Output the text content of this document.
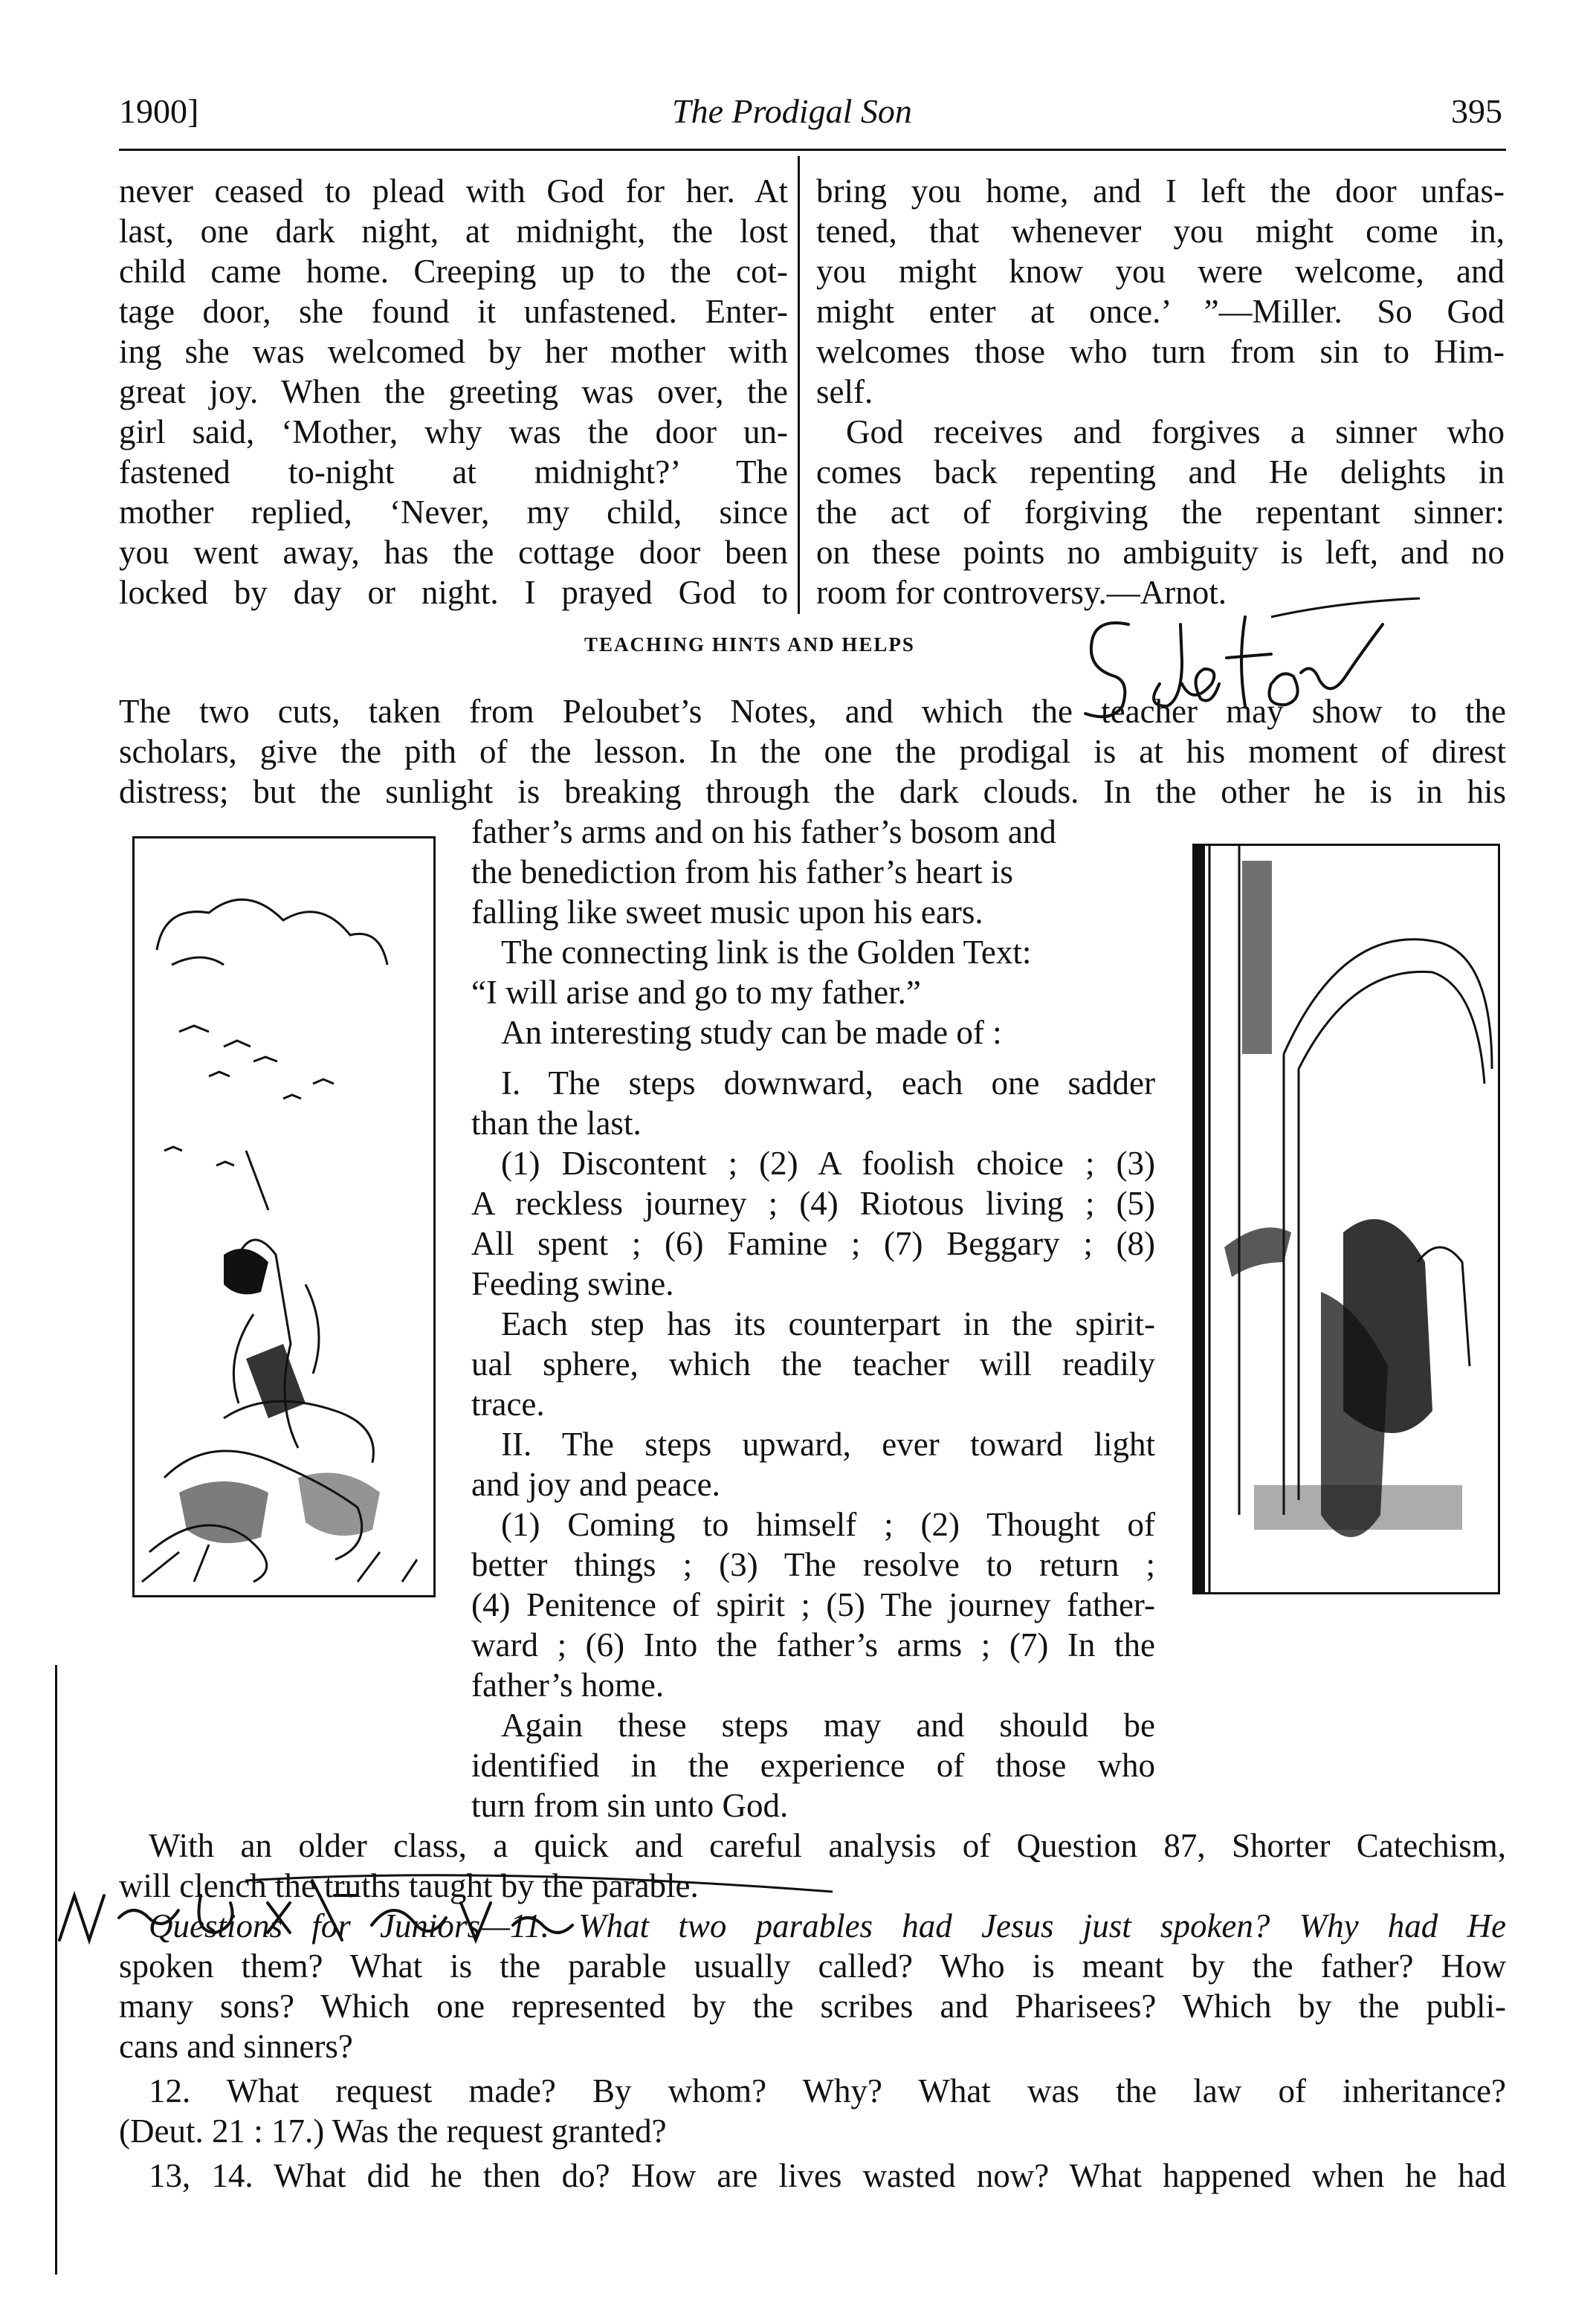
1900]	The Prodigal Son	395
never ceased to plead with God for her. At
last, one dark night, at midnight, the lost
child came home. Creeping up to the cot-
tage door, she found it unfastened. Enter-
ing she was welcomed by her mother with
great joy. When the greeting was over, the
girl said, ‘Mother, why was the door un-
fastened to-night at midnight?’ The
mother replied, ‘Never, my child, since
you went away, has the cottage door been
locked by day or night. I prayed God to
bring you home, and I left the door unfas-
tened, that whenever you might come in,
you might know you were welcome, and
might enter at once.’ ”—Miller. So God
welcomes those who turn from sin to Him-
self.
God receives and forgives a sinner who
comes back repenting and He delights in
the act of forgiving the repentant sinner:
on these points no ambiguity is left, and no
room for controversy.—Arnot.
TEACHING HINTS AND HELPS
The two cuts, taken from Peloubet’s Notes, and which the teacher may show to the
scholars, give the pith of the lesson. In the one the prodigal is at his moment of direst
distress; but the sunlight is breaking through the dark clouds. In the other he is in his
father’s arms and on his father’s bosom and
the benediction from his father’s heart is
falling like sweet music upon his ears.
The connecting link is the Golden Text:
“I will arise and go to my father.”
An interesting study can be made of :
I. The steps downward, each one sadder
than the last.
(1) Discontent ; (2) A foolish choice ; (3)
A reckless journey ; (4) Riotous living ; (5)
All spent ; (6) Famine ; (7) Beggary ; (8)
Feeding swine.
Each step has its counterpart in the spirit-
ual sphere, which the teacher will readily
trace.
II. The steps upward, ever toward light
and joy and peace.
(1) Coming to himself ; (2) Thought of
better things ; (3) The resolve to return ;
(4) Penitence of spirit ; (5) The journey father-
ward ; (6) Into the father’s arms ; (7) In the
father’s home.
Again these steps may and should be
identified in the experience of those who
turn from sin unto God.
With an older class, a quick and careful analysis of Question 87, Shorter Catechism,
will clench the truths taught by the parable.
Questions for Juniors—11. What two parables had Jesus just spoken? Why had He
spoken them? What is the parable usually called? Who is meant by the father? How
many sons? Which one represented by the scribes and Pharisees? Which by the publi-
cans and sinners?
12. What request made? By whom? Why? What was the law of inheritance?
(Deut. 21 : 17.) Was the request granted?
13, 14. What did he then do? How are lives wasted now? What happened when he had
